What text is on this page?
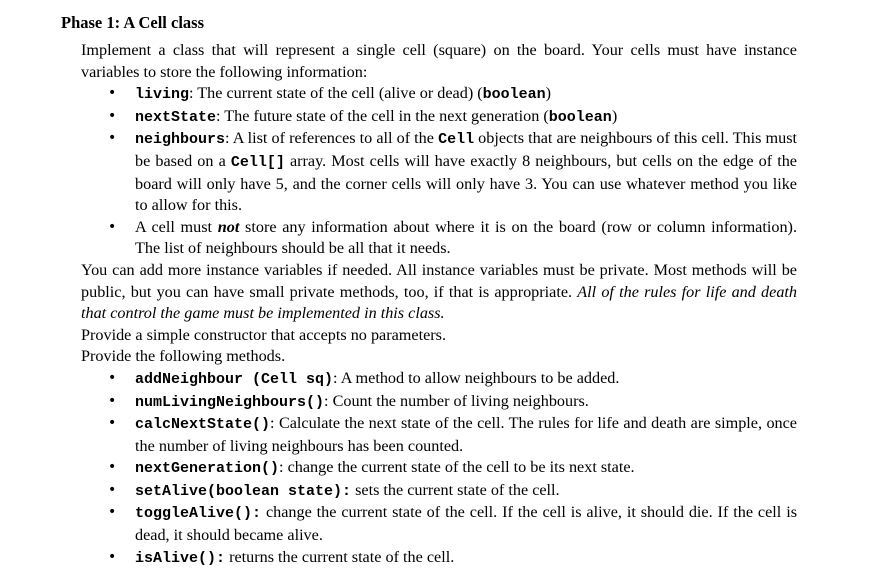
Phase 1: A Cell class

Implement a class that will represent a single cell (square) on the board. Your cells must have instance variables to store the following information:

• living: The current state of the cell (alive or dead) (boolean)
• nextState: The future state of the cell in the next generation (boolean)
• neighbours: A list of references to all of the Cell objects that are neighbours of this cell. This must be based on a Cell[] array. Most cells will have exactly 8 neighbours, but cells on the edge of the board will only have 5, and the corner cells will only have 3. You can use whatever method you like to allow for this.
• A cell must not store any information about where it is on the board (row or column information). The list of neighbours should be all that it needs.

You can add more instance variables if needed. All instance variables must be private. Most methods will be public, but you can have small private methods, too, if that is appropriate. All of the rules for life and death that control the game must be implemented in this class.

Provide a simple constructor that accepts no parameters.

Provide the following methods.

• addNeighbour (Cell sq): A method to allow neighbours to be added.
• numLivingNeighbours(): Count the number of living neighbours.
• calcNextState(): Calculate the next state of the cell. The rules for life and death are simple, once the number of living neighbours has been counted.
• nextGeneration(): change the current state of the cell to be its next state.
• setAlive(boolean state): sets the current state of the cell.
• toggleAlive(): change the current state of the cell. If the cell is alive, it should die. If the cell is dead, it should became alive.
• isAlive(): returns the current state of the cell.
